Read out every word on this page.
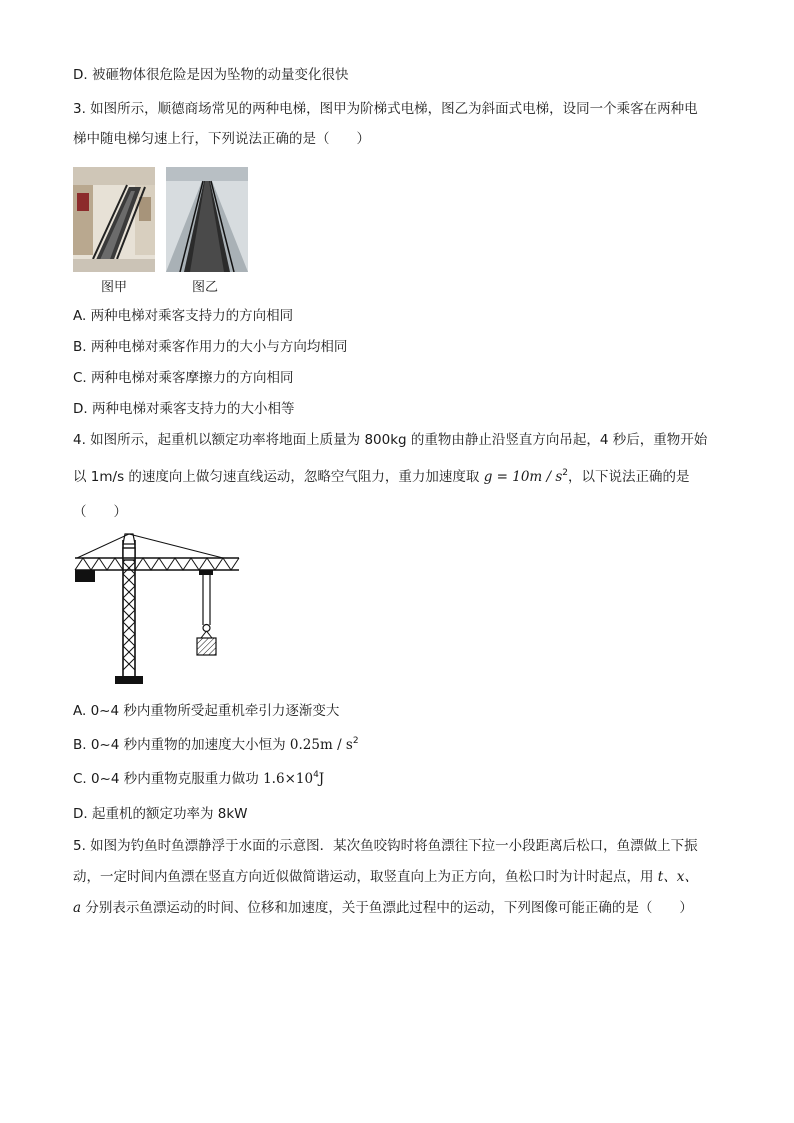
D. 被砸物体很危险是因为坠物的动量变化很快
3. 如图所示，顺德商场常见的两种电梯，图甲为阶梯式电梯，图乙为斜面式电梯，设同一个乘客在两种电
梯中随电梯匀速上行，下列说法正确的是（　　）
图甲	图乙
A. 两种电梯对乘客支持力的方向相同
B. 两种电梯对乘客作用力的大小与方向均相同
C. 两种电梯对乘客摩擦力的方向相同
D. 两种电梯对乘客支持力的大小相等
4. 如图所示，起重机以额定功率将地面上质量为 800kg 的重物由静止沿竖直方向吊起，4 秒后，重物开始
以 1m/s 的速度向上做匀速直线运动，忽略空气阻力，重力加速度取 $g = 10m / s^2$，以下说法正确的是
（　　）
A. 0~4 秒内重物所受起重机牵引力逐渐变大
B. 0~4 秒内重物的加速度大小恒为 $0.25m / s^2$
C. 0~4 秒内重物克服重力做功 $1.6\times 10^4J$
D. 起重机的额定功率为 8kW
5. 如图为钓鱼时鱼漂静浮于水面的示意图．某次鱼咬钩时将鱼漂往下拉一小段距离后松口，鱼漂做上下振
动，一定时间内鱼漂在竖直方向近似做简谐运动，取竖直向上为正方向，鱼松口时为计时起点，用 t、x、
a 分别表示鱼漂运动的时间、位移和加速度，关于鱼漂此过程中的运动，下列图像可能正确的是（　　）
